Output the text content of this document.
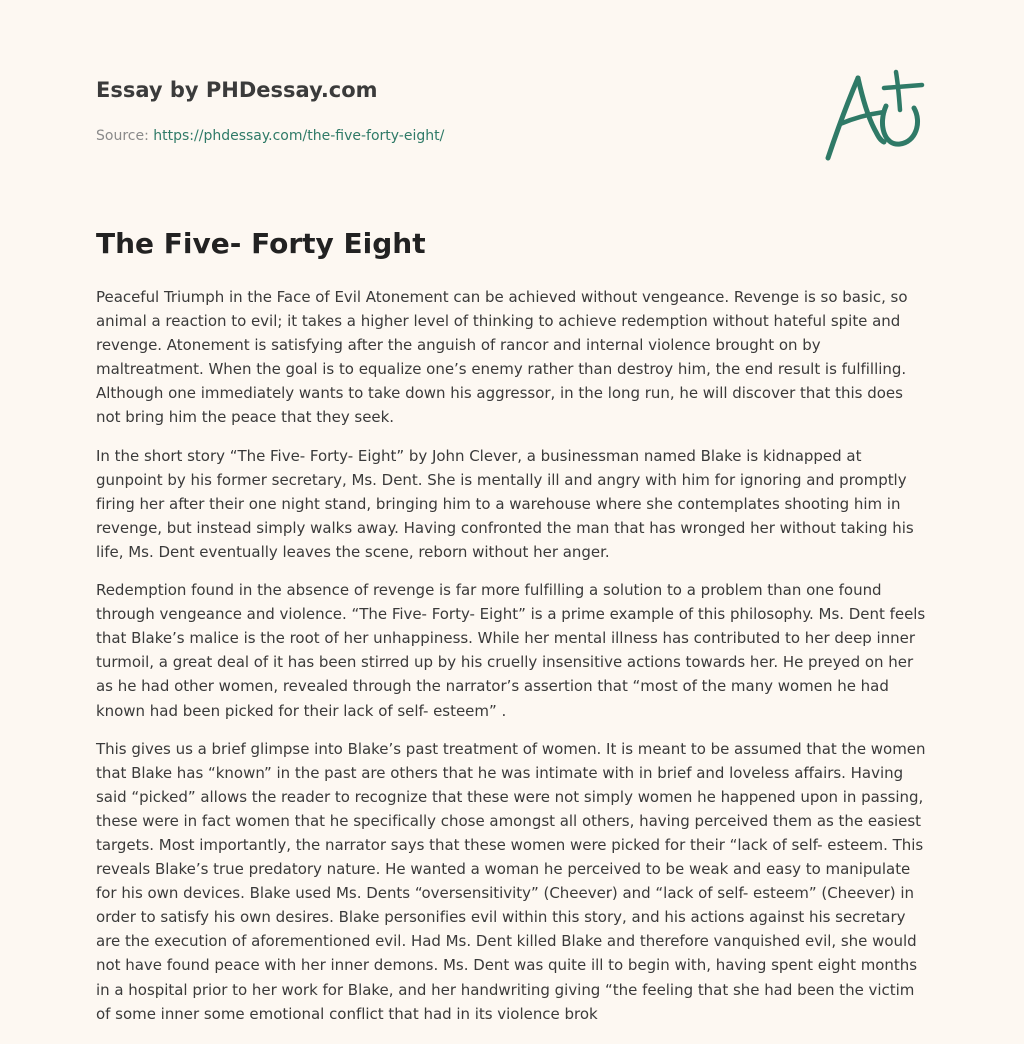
Essay by PHDessay.com
Source: https://phdessay.com/the-five-forty-eight/
The Five- Forty Eight

Peaceful Triumph in the Face of Evil Atonement can be achieved without vengeance. Revenge is so basic, so animal a reaction to evil; it takes a higher level of thinking to achieve redemption without hateful spite and revenge. Atonement is satisfying after the anguish of rancor and internal violence brought on by maltreatment. When the goal is to equalize one’s enemy rather than destroy him, the end result is fulfilling. Although one immediately wants to take down his aggressor, in the long run, he will discover that this does not bring him the peace that they seek.

In the short story “The Five- Forty- Eight” by John Clever, a businessman named Blake is kidnapped at gunpoint by his former secretary, Ms. Dent. She is mentally ill and angry with him for ignoring and promptly firing her after their one night stand, bringing him to a warehouse where she contemplates shooting him in revenge, but instead simply walks away. Having confronted the man that has wronged her without taking his life, Ms. Dent eventually leaves the scene, reborn without her anger.

Redemption found in the absence of revenge is far more fulfilling a solution to a problem than one found through vengeance and violence. “The Five- Forty- Eight” is a prime example of this philosophy. Ms. Dent feels that Blake’s malice is the root of her unhappiness. While her mental illness has contributed to her deep inner turmoil, a great deal of it has been stirred up by his cruelly insensitive actions towards her. He preyed on her as he had other women, revealed through the narrator’s assertion that “most of the many women he had known had been picked for their lack of self- esteem” .

This gives us a brief glimpse into Blake’s past treatment of women. It is meant to be assumed that the women that Blake has “known” in the past are others that he was intimate with in brief and loveless affairs. Having said “picked” allows the reader to recognize that these were not simply women he happened upon in passing, these were in fact women that he specifically chose amongst all others, having perceived them as the easiest targets. Most importantly, the narrator says that these women were picked for their “lack of self- esteem. This reveals Blake’s true predatory nature. He wanted a woman he perceived to be weak and easy to manipulate for his own devices. Blake used Ms. Dents “oversensitivity” (Cheever) and “lack of self- esteem” (Cheever) in order to satisfy his own desires. Blake personifies evil within this story, and his actions against his secretary are the execution of aforementioned evil. Had Ms. Dent killed Blake and therefore vanquished evil, she would not have found peace with her inner demons. Ms. Dent was quite ill to begin with, having spent eight months in a hospital prior to her work for Blake, and her handwriting giving “the feeling that she had been the victim of some inner some emotional conflict that had in its violence brok
